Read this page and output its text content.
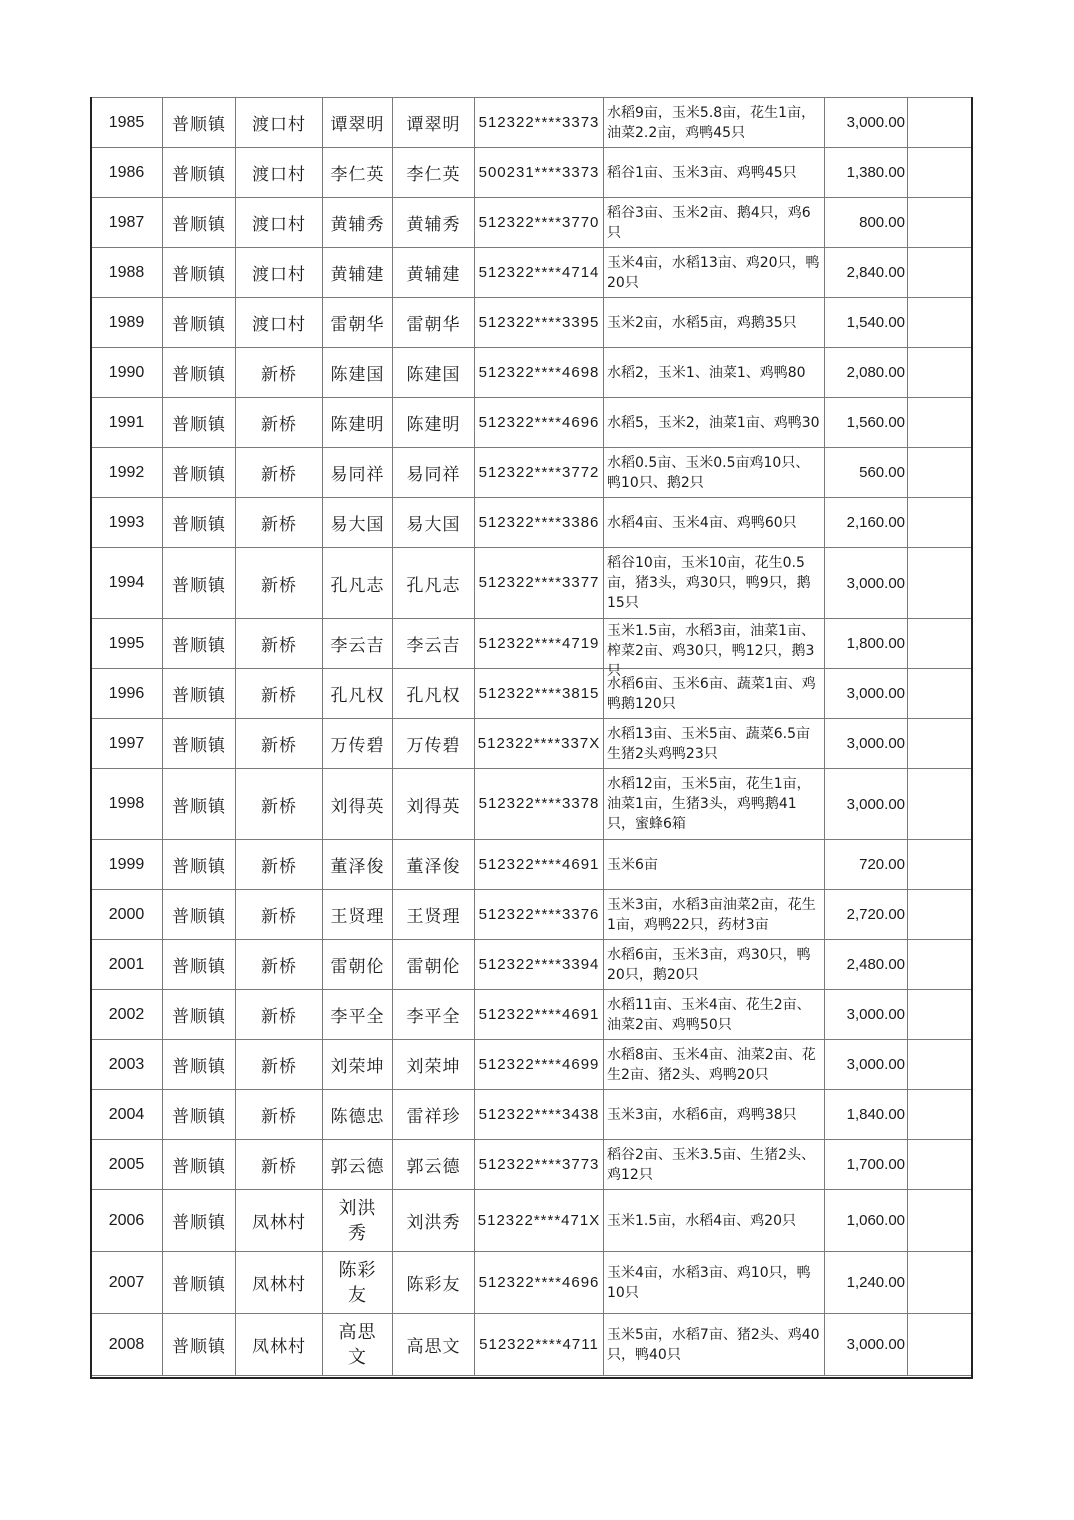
1985	普顺镇	渡口村	谭翠明	谭翠明	512322****3373	水稻9亩，玉米5.8亩，花生1亩，油菜2.2亩，鸡鸭45只	3,000.00	

1986	普顺镇	渡口村	李仁英	李仁英	500231****3373	稻谷1亩、玉米3亩、鸡鸭45只	1,380.00	

1987	普顺镇	渡口村	黄辅秀	黄辅秀	512322****3770	稻谷3亩、玉米2亩、鹅4只，鸡6只	800.00	

1988	普顺镇	渡口村	黄辅建	黄辅建	512322****4714	玉米4亩，水稻13亩、鸡20只，鸭20只	2,840.00	

1989	普顺镇	渡口村	雷朝华	雷朝华	512322****3395	玉米2亩，水稻5亩，鸡鹅35只	1,540.00	

1990	普顺镇	新桥	陈建国	陈建国	512322****4698	水稻2，玉米1、油菜1、鸡鸭80	2,080.00	

1991	普顺镇	新桥	陈建明	陈建明	512322****4696	水稻5，玉米2，油菜1亩、鸡鸭30	1,560.00	

1992	普顺镇	新桥	易同祥	易同祥	512322****3772	水稻0.5亩、玉米0.5亩鸡10只、鸭10只、鹅2只	560.00	

1993	普顺镇	新桥	易大国	易大国	512322****3386	水稻4亩、玉米4亩、鸡鸭60只	2,160.00	

1994	普顺镇	新桥	孔凡志	孔凡志	512322****3377	稻谷10亩，玉米10亩，花生0.5亩，猪3头，鸡30只，鸭9只，鹅15只	3,000.00	

1995	普顺镇	新桥	李云吉	李云吉	512322****4719	玉米1.5亩，水稻3亩，油菜1亩、榨菜2亩、鸡30只，鸭12只，鹅3只	1,800.00	

1996	普顺镇	新桥	孔凡权	孔凡权	512322****3815	水稻6亩、玉米6亩、蔬菜1亩、鸡鸭鹅120只	3,000.00	

1997	普顺镇	新桥	万传碧	万传碧	512322****337X	水稻13亩、玉米5亩、蔬菜6.5亩生猪2头鸡鸭23只	3,000.00	

1998	普顺镇	新桥	刘得英	刘得英	512322****3378	水稻12亩，玉米5亩，花生1亩，油菜1亩，生猪3头，鸡鸭鹅41只，蜜蜂6箱	3,000.00	

1999	普顺镇	新桥	董泽俊	董泽俊	512322****4691	玉米6亩	720.00	

2000	普顺镇	新桥	王贤理	王贤理	512322****3376	玉米3亩，水稻3亩油菜2亩，花生1亩，鸡鸭22只，药材3亩	2,720.00	

2001	普顺镇	新桥	雷朝伦	雷朝伦	512322****3394	水稻6亩，玉米3亩，鸡30只，鸭20只，鹅20只	2,480.00	

2002	普顺镇	新桥	李平全	李平全	512322****4691	水稻11亩、玉米4亩、花生2亩、油菜2亩、鸡鸭50只	3,000.00	

2003	普顺镇	新桥	刘荣坤	刘荣坤	512322****4699	水稻8亩、玉米4亩、油菜2亩、花生2亩、猪2头、鸡鸭20只	3,000.00	

2004	普顺镇	新桥	陈德忠	雷祥珍	512322****3438	玉米3亩，水稻6亩，鸡鸭38只	1,840.00	

2005	普顺镇	新桥	郭云德	郭云德	512322****3773	稻谷2亩、玉米3.5亩、生猪2头、鸡12只	1,700.00	

2006	普顺镇	凤林村	刘洪秀	刘洪秀	512322****471X	玉米1.5亩，水稻4亩、鸡20只	1,060.00	

2007	普顺镇	凤林村	陈彩友	陈彩友	512322****4696	玉米4亩，水稻3亩、鸡10只，鸭10只	1,240.00	

2008	普顺镇	凤林村	高思文	高思文	512322****4711	玉米5亩，水稻7亩、猪2头、鸡40只，鸭40只	3,000.00	
